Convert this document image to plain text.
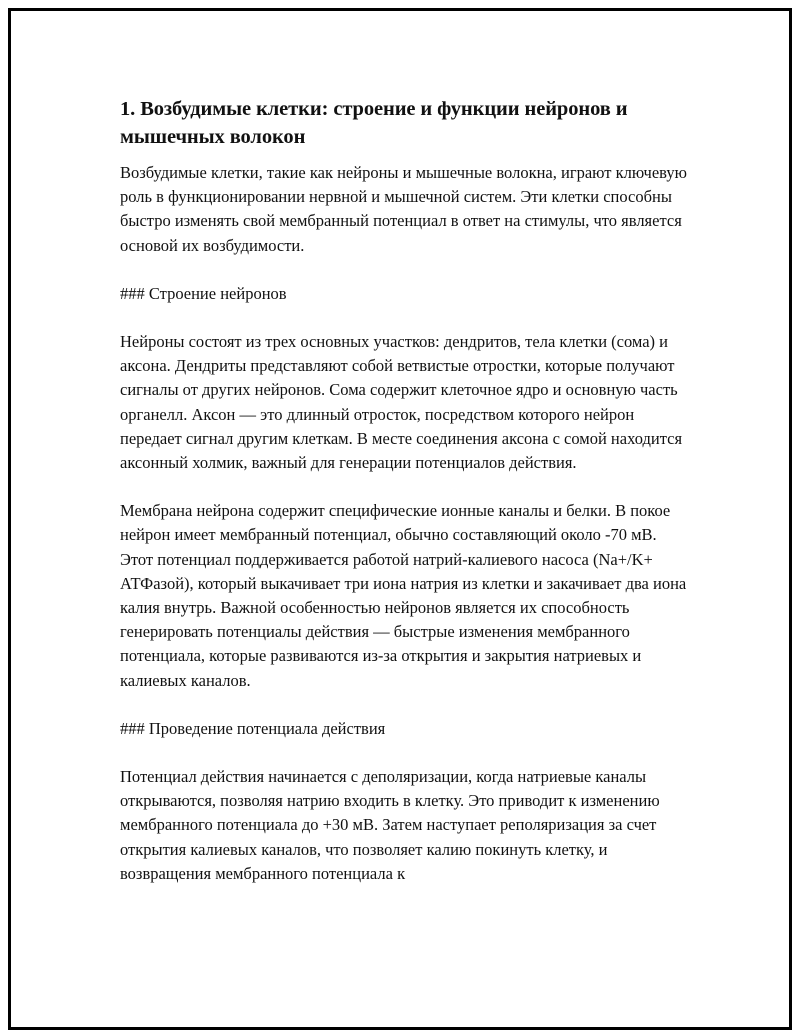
1. Возбудимые клетки: строение и функции нейронов и мышечных волокон

Возбудимые клетки, такие как нейроны и мышечные волокна, играют ключевую роль в функционировании нервной и мышечной систем. Эти клетки способны быстро изменять свой мембранный потенциал в ответ на стимулы, что является основой их возбудимости.

### Строение нейронов

Нейроны состоят из трех основных участков: дендритов, тела клетки (сома) и аксона. Дендриты представляют собой ветвистые отростки, которые получают сигналы от других нейронов. Сома содержит клеточное ядро и основную часть органелл. Аксон — это длинный отросток, посредством которого нейрон передает сигнал другим клеткам. В месте соединения аксона с сомой находится аксонный холмик, важный для генерации потенциалов действия.

Мембрана нейрона содержит специфические ионные каналы и белки. В покое нейрон имеет мембранный потенциал, обычно составляющий около -70 мВ. Этот потенциал поддерживается работой натрий-калиевого насоса (Na+/K+ АТФазой), который выкачивает три иона натрия из клетки и закачивает два иона калия внутрь. Важной особенностью нейронов является их способность генерировать потенциалы действия — быстрые изменения мембранного потенциала, которые развиваются из-за открытия и закрытия натриевых и калиевых каналов.

### Проведение потенциала действия

Потенциал действия начинается с деполяризации, когда натриевые каналы открываются, позволяя натрию входить в клетку. Это приводит к изменению мембранного потенциала до +30 мВ. Затем наступает реполяризация за счет открытия калиевых каналов, что позволяет калию покинуть клетку, и возвращения мембранного потенциала к
